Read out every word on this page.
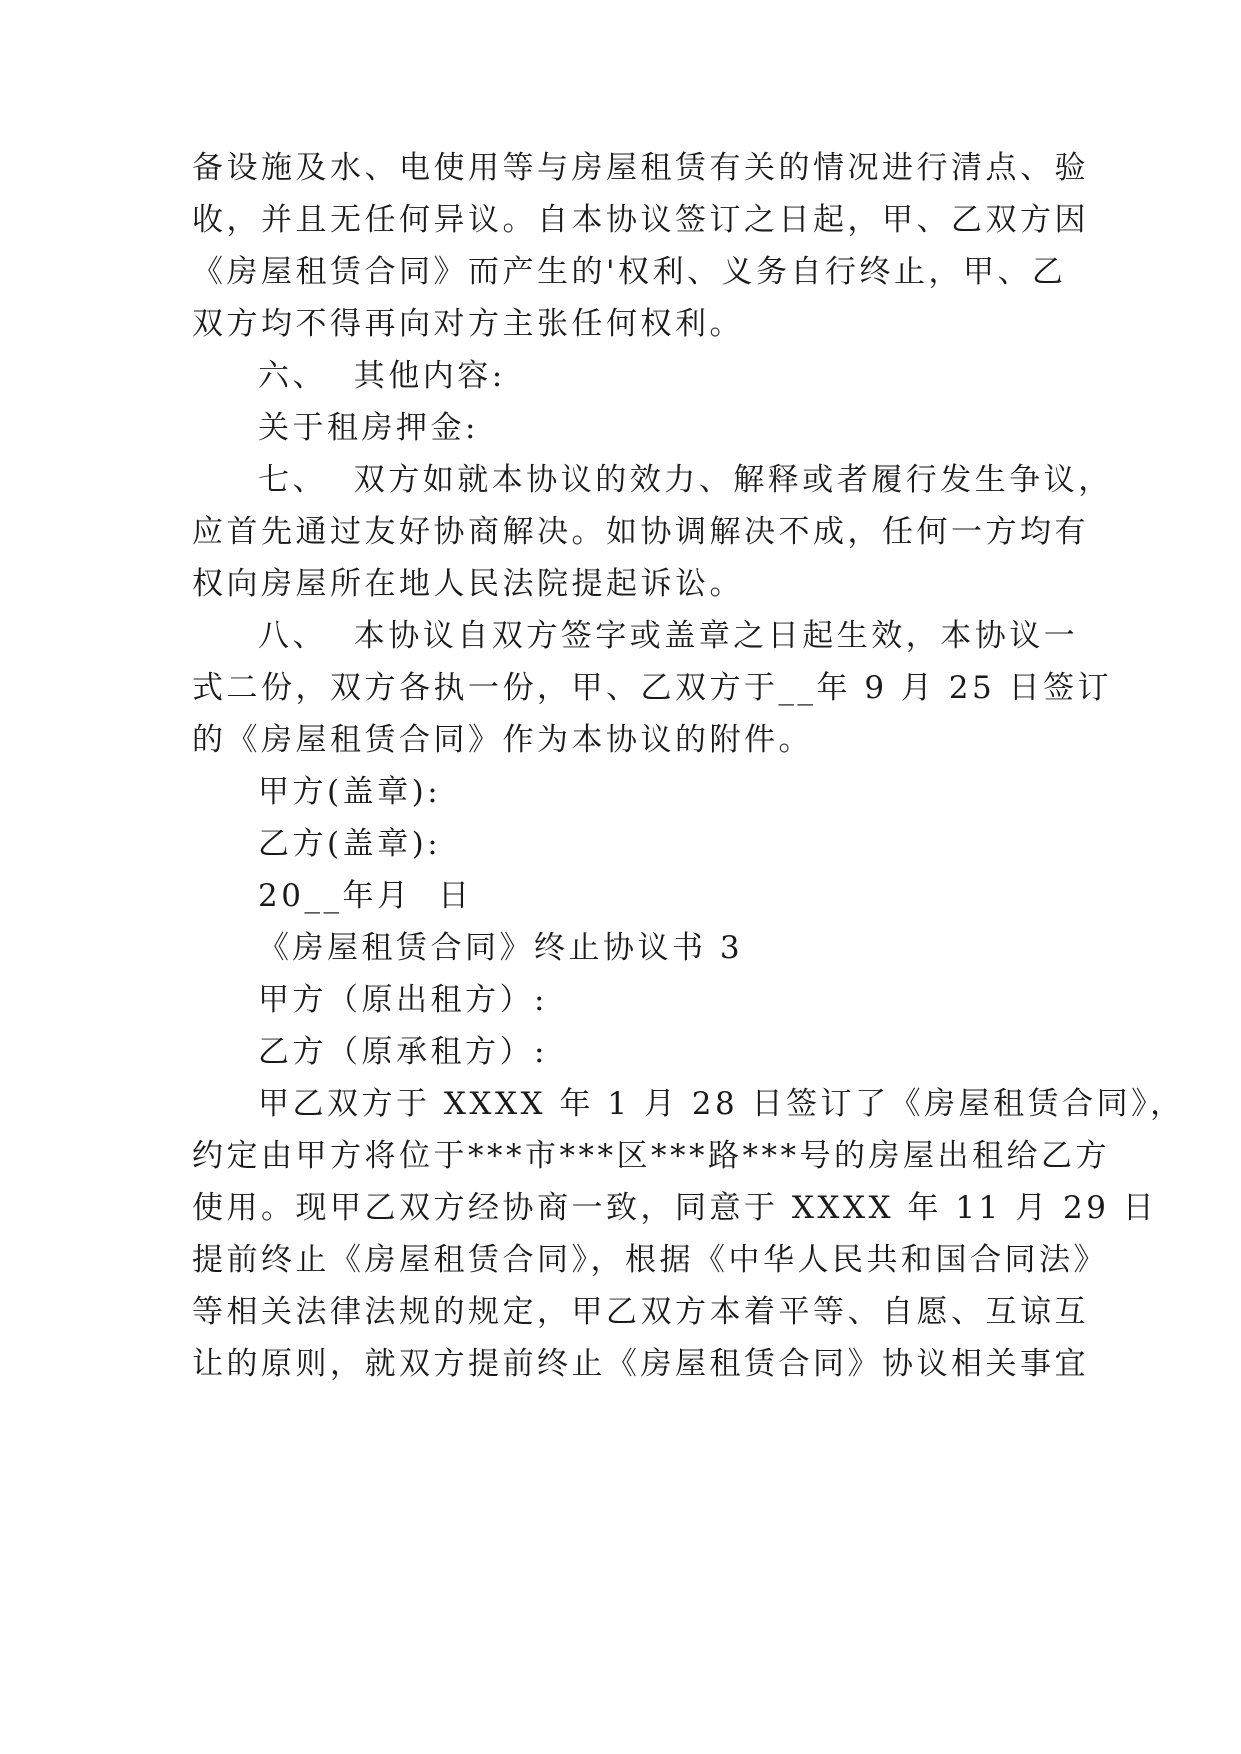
备设施及水、电使用等与房屋租赁有关的情况进行清点、验
收，并且无任何异议。自本协议签订之日起，甲、乙双方因
《房屋租赁合同》而产生的'权利、义务自行终止，甲、乙
双方均不得再向对方主张任何权利。
六、  其他内容:
关于租房押金:
七、  双方如就本协议的效力、解释或者履行发生争议，
应首先通过友好协商解决。如协调解决不成，任何一方均有
权向房屋所在地人民法院提起诉讼。
八、  本协议自双方签字或盖章之日起生效，本协议一
式二份，双方各执一份，甲、乙双方于__年 9 月 25 日签订
的《房屋租赁合同》作为本协议的附件。
甲方(盖章):
乙方(盖章):
20__年月  日
《房屋租赁合同》终止协议书 3
甲方（原出租方）:
乙方（原承租方）:
甲乙双方于 XXXX 年 1 月 28 日签订了《房屋租赁合同》，
约定由甲方将位于***市***区***路***号的房屋出租给乙方
使用。现甲乙双方经协商一致，同意于 XXXX 年 11 月 29 日
提前终止《房屋租赁合同》，根据《中华人民共和国合同法》
等相关法律法规的规定，甲乙双方本着平等、自愿、互谅互
让的原则，就双方提前终止《房屋租赁合同》协议相关事宜
